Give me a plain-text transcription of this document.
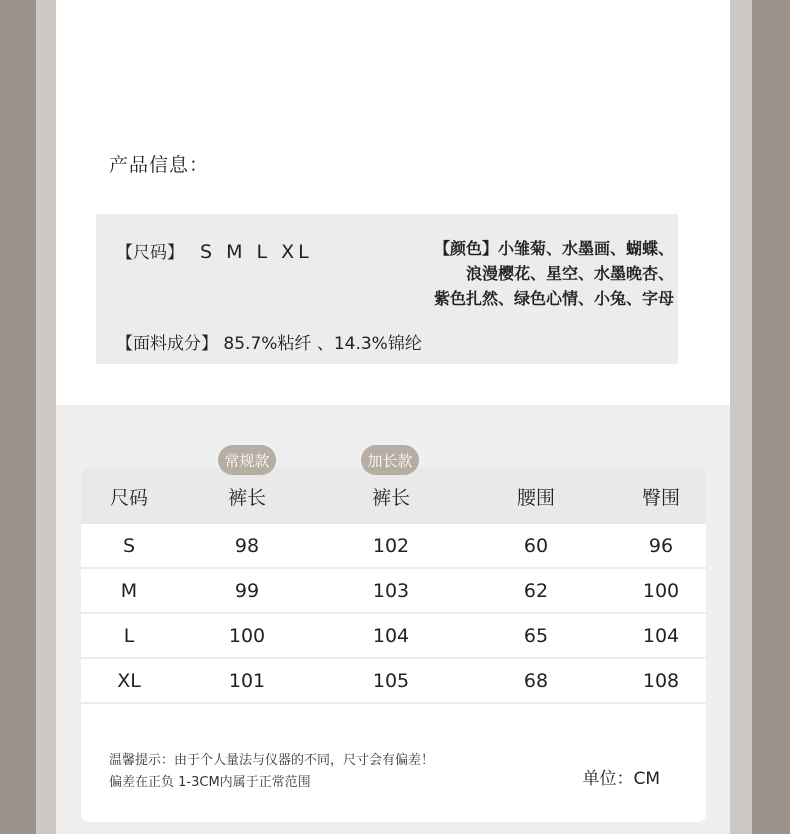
产品信息：
【尺码】 S M L XL	【颜色】小雏菊、水墨画、蝴蝶、
浪漫樱花、星空、水墨晚杏、
紫色扎然、绿色心情、小兔、字母
【面料成分】 85.7%粘纤 、14.3%锦纶
尺码	裤长	裤长	腰围	臀围
S	98	102	60	96
M	99	103	62	100
L	100	104	65	104
XL	101	105	68	108
温馨提示：由于个人量法与仪器的不同，尺寸会有偏差！
偏差在正负 1-3CM内属于正常范围	单位：CM
常规款	加长款
